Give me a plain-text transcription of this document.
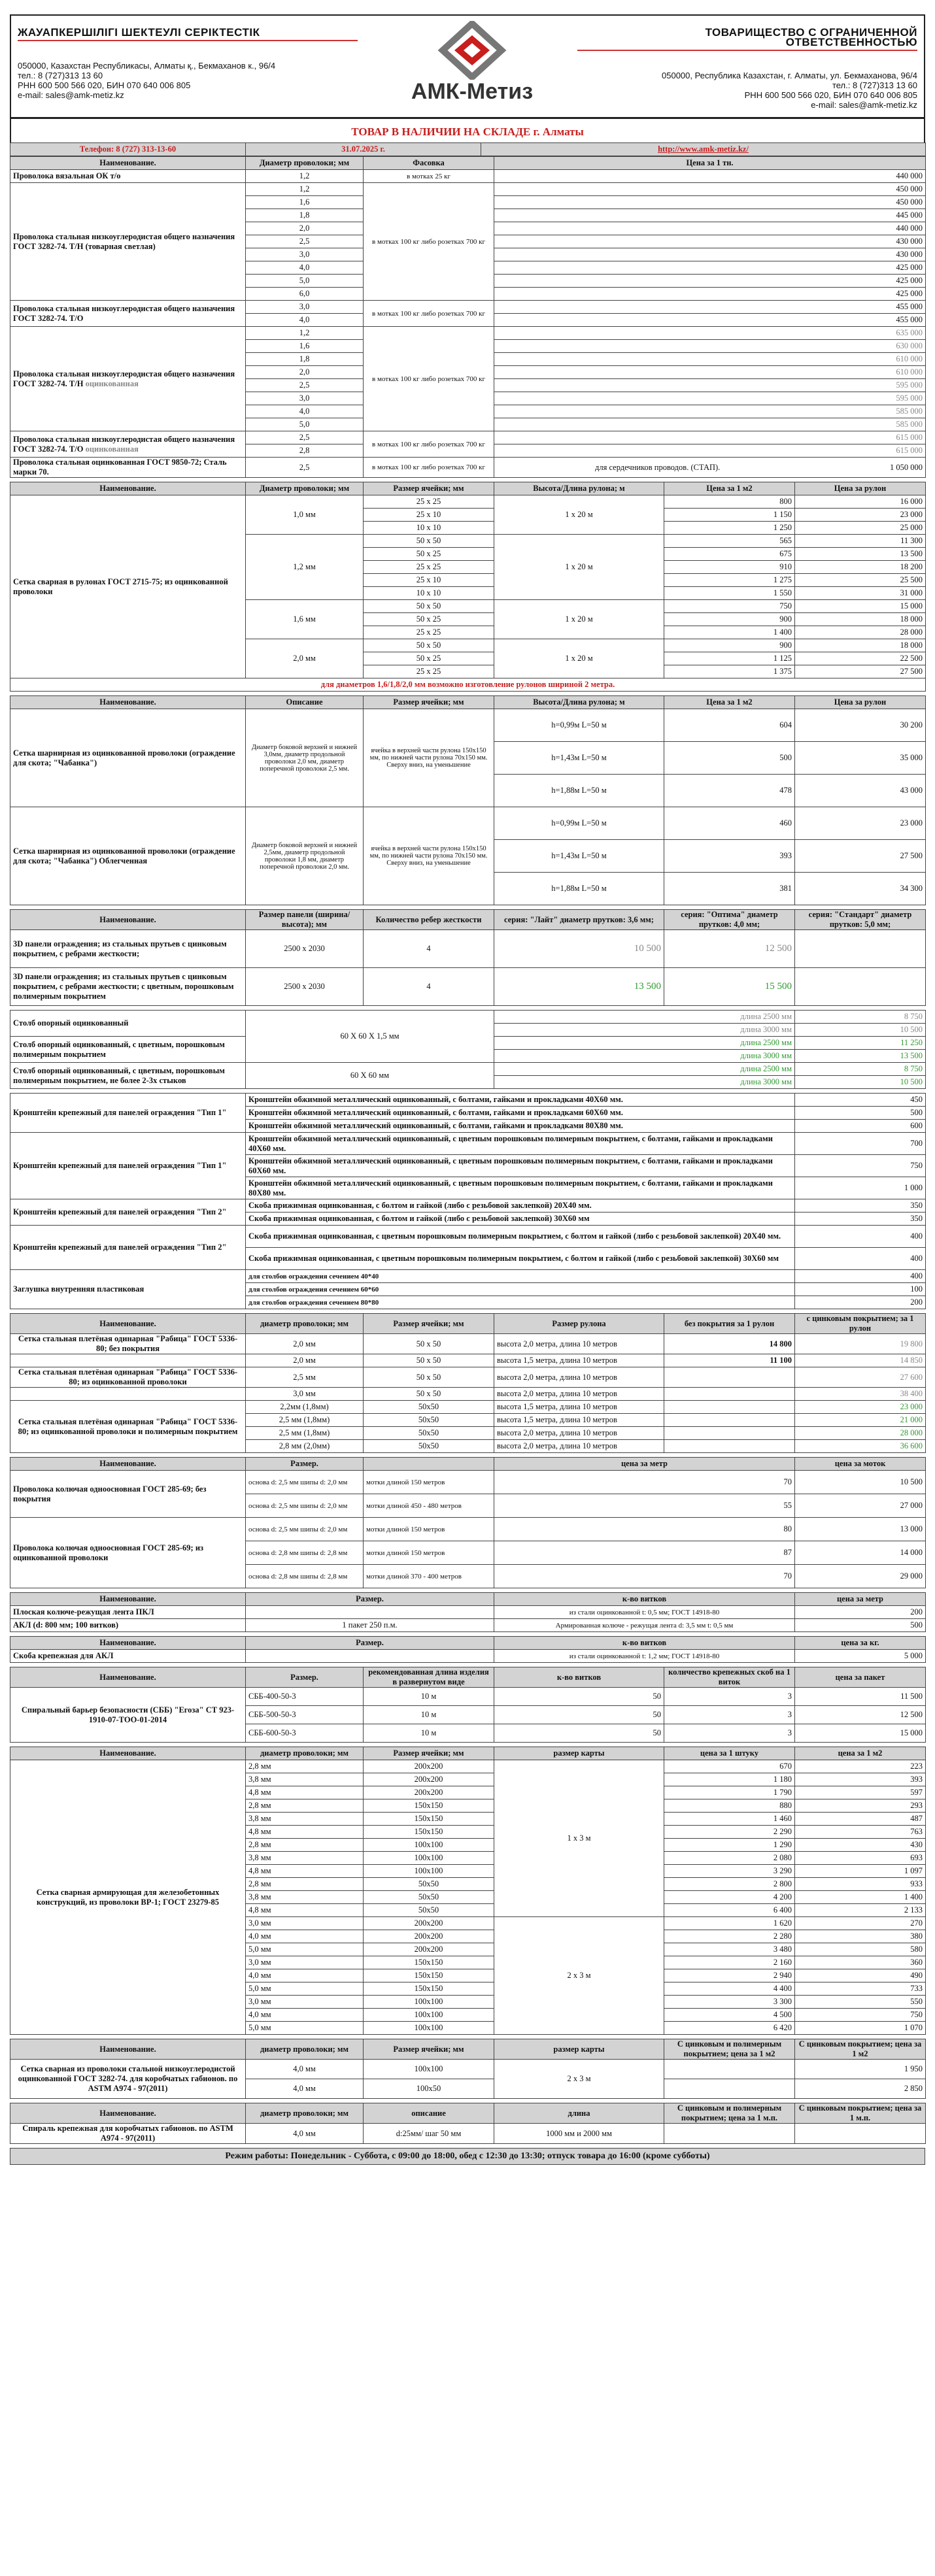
ЖАУАПКЕРШІЛІГІ ШЕКТЕУЛІ СЕРІКТЕСТІК
050000, Казахстан Республикасы, Алматы қ., Бекмаханов к., 96/4
тел.: 8 (727)313 13 60
РНН 600 500 566 020, БИН 070 640 006 805
e-mail: sales@amk-metiz.kz	АМК-Метиз
ТОВАРИЩЕСТВО С ОГРАНИЧЕННОЙ ОТВЕТСТВЕННОСТЬЮ
050000, Республика Казахстан, г. Алматы, ул. Бекмаханова, 96/4
тел.: 8 (727)313 13 60
РНН 600 500 566 020, БИН 070 640 006 805
e-mail: sales@amk-metiz.kz
ТОВАР В НАЛИЧИИ НА СКЛАДЕ г. Алматы
Телефон: 8 (727) 313-13-60	31.07.2025 г.	http://www.amk-metiz.kz/
Наименование.	Диаметр проволоки; мм	Фасовка	Цена за 1 тн.
Проволока вязальная ОК т/о	1,2	в мотках 25 кг	440 000
Проволока стальная низкоуглеродистая общего назначения ГОСТ 3282-74. Т/Н (товарная светлая)	1,2	в мотках 100 кг либо розетках 700 кг	450 000
	1,6		450 000
	1,8		445 000
	2,0		440 000
	2,5		430 000
	3,0		430 000
	4,0		425 000
	5,0		425 000
	6,0		425 000
Проволока стальная низкоуглеродистая общего назначения ГОСТ 3282-74. Т/О	3,0	в мотках 100 кг либо розетках 700 кг	455 000
	4,0		455 000
Проволока стальная низкоуглеродистая общего назначения ГОСТ 3282-74. Т/Н оцинкованная	1,2	в мотках 100 кг либо розетках 700 кг	635 000
	1,6		630 000
	1,8		610 000
	2,0		610 000
	2,5		595 000
	3,0		595 000
	4,0		585 000
	5,0		585 000
Проволока стальная низкоуглеродистая общего назначения ГОСТ 3282-74. Т/О оцинкованная	2,5	в мотках 100 кг либо розетках 700 кг	615 000
	2,8		615 000
Проволока стальная оцинкованная ГОСТ 9850-72; Сталь марки 70.	2,5	в мотках 100 кг либо розетках 700 кг	для сердечников проводов. (СТАП). 1 050 000
Наименование.	Диаметр проволоки; мм	Размер ячейки; мм	Высота/Длина рулона; м	Цена за 1 м2	Цена за рулон
Сетка сварная в рулонах ГОСТ 2715-75; из оцинкованной проволоки	1,0 мм	25 х 25	1 х 20 м	800	16 000
		25 х 10		1 150	23 000
		10 х 10		1 250	25 000
	1,2 мм	50 х 50	1 х 20 м	565	11 300
		50 х 25		675	13 500
		25 х 25		910	18 200
		25 х 10		1 275	25 500
		10 х 10		1 550	31 000
	1,6 мм	50 х 50	1 х 20 м	750	15 000
		50 х 25		900	18 000
		25 х 25		1 400	28 000
	2,0 мм	50 х 50	1 х 20 м	900	18 000
		50 х 25		1 125	22 500
		25 х 25		1 375	27 500
для диаметров 1,6/1,8/2,0 мм возможно изготовление рулонов шириной 2 метра.					
Наименование.	Описание	Размер ячейки; мм	Высота/Длина рулона; м	Цена за 1 м2	Цена за рулон
Сетка шарнирная из оцинкованной проволоки (ограждение для скота; "Чабанка")	Диаметр боковой верхней и нижней 3,0мм, диаметр продольной проволоки 2,0 мм, диаметр поперечной проволоки 2,5 мм.	ячейка в верхней части рулона 150х150 мм, по нижней части рулона 70х150 мм. Сверху вниз, на уменьшение	h=0,99м L=50 м	604	30 200
			h=1,43м L=50 м	500	35 000
			h=1,88м L=50 м	478	43 000
Сетка шарнирная из оцинкованной проволоки (ограждение для скота; "Чабанка") Облегченная	Диаметр боковой верхней и нижней 2,5мм, диаметр продольной проволоки 1,8 мм, диаметр поперечной проволоки 2,0 мм.	ячейка в верхней части рулона 150х150 мм, по нижней части рулона 70х150 мм. Сверху вниз, на уменьшение	h=0,99м L=50 м	460	23 000
			h=1,43м L=50 м	393	27 500
			h=1,88м L=50 м	381	34 300
Наименование.	Размер панели (ширина/высота); мм	Количество ребер жесткости	серия: "Лайт" диаметр прутков: 3,6 мм;	серия: "Оптима" диаметр прутков: 4,0 мм;	серия: "Стандарт" диаметр прутков: 5,0 мм;
3D панели ограждения; из стальных прутьев с цинковым покрытием, с ребрами жесткости;	2500 х 2030	4	10 500	12 500	
3D панели ограждения; из стальных прутьев с цинковым покрытием, с ребрами жесткости; с цветным, порошковым полимерным покрытием	2500 х 2030	4	13 500	15 500	
Столб опорный оцинкованный	60 Х 60 Х 1,5 мм	длина 2500 мм	8 750
		длина 3000 мм	10 500
Столб опорный оцинкованный, с цветным, порошковым полимерным покрытием		длина 2500 мм	11 250
		длина 3000 мм	13 500
Столб опорный оцинкованный, с цветным, порошковым полимерным покрытием, не более 2-3х стыков	60 Х 60 мм	длина 2500 мм	8 750
		длина 3000 мм	10 500
Кронштейн крепежный для панелей ограждения "Тип 1"	Кронштейн обжимной металлический оцинкованный, с болтами, гайками и прокладками 40Х60 мм.	450
	Кронштейн обжимной металлический оцинкованный, с болтами, гайками и прокладками 60Х60 мм.	500
	Кронштейн обжимной металлический оцинкованный, с болтами, гайками и прокладками 80Х80 мм.	600
Кронштейн крепежный для панелей ограждения "Тип 1"	Кронштейн обжимной металлический оцинкованный, с цветным порошковым полимерным покрытием, с болтами, гайками и прокладками 40Х60 мм.	700
	Кронштейн обжимной металлический оцинкованный, с цветным порошковым полимерным покрытием, с болтами, гайками и прокладками 60Х60 мм.	750
	Кронштейн обжимной металлический оцинкованный, с цветным порошковым полимерным покрытием, с болтами, гайками и прокладками 80Х80 мм.	1 000
Кронштейн крепежный для панелей ограждения "Тип 2"	Скоба прижимная оцинкованная, с болтом и гайкой (либо с резьбовой заклепкой) 20Х40 мм.	350
	Скоба прижимная оцинкованная, с болтом и гайкой (либо с резьбовой заклепкой) 30Х60 мм	350
Кронштейн крепежный для панелей ограждения "Тип 2"	Скоба прижимная оцинкованная, с цветным порошковым полимерным покрытием, с болтом и гайкой (либо с резьбовой заклепкой) 20Х40 мм.	400
	Скоба прижимная оцинкованная, с цветным порошковым полимерным покрытием, с болтом и гайкой (либо с резьбовой заклепкой) 30Х60 мм	400
Заглушка внутренняя пластиковая	для столбов ограждения сечением 40*40	400
	для столбов ограждения сечением 60*60	100
	для столбов ограждения сечением 80*80	200
Наименование.	диаметр проволоки; мм	Размер ячейки; мм	Размер рулона	без покрытия за 1 рулон	с цинковым покрытием; за 1 рулон
Сетка стальная плетёная одинарная "Рабица" ГОСТ 5336-80; без покрытия	2,0 мм	50 х 50	высота 2,0 метра, длина 10 метров	14 800	19 800
	2,0 мм	50 х 50	высота 1,5 метра, длина 10 метров	11 100	14 850
Сетка стальная плетёная одинарная "Рабица" ГОСТ 5336-80; из оцинкованной проволоки	2,5 мм	50 х 50	высота 2,0 метра, длина 10 метров		27 600
	3,0 мм	50 х 50	высота 2,0 метра, длина 10 метров		38 400
Сетка стальная плетёная одинарная "Рабица" ГОСТ 5336-80; из оцинкованной проволоки и полимерным покрытием	2,2мм (1,8мм)	50х50	высота 1,5 метра, длина 10 метров		23 000
	2,5 мм (1,8мм)	50х50	высота 1,5 метра, длина 10 метров		21 000
	2,5 мм (1,8мм)	50х50	высота 2,0 метра, длина 10 метров		28 000
	2,8 мм (2,0мм)	50х50	высота 2,0 метра, длина 10 метров		36 600
Наименование.	Размер.		цена за метр	цена за моток
Проволока колючая одноосновная ГОСТ 285-69; без покрытия	основа d: 2,5 мм шипы d: 2,0 мм	мотки длиной 150 метров	70	10 500
	основа d: 2,5 мм шипы d: 2,0 мм	мотки длиной 450 - 480 метров	55	27 000
Проволока колючая одноосновная ГОСТ 285-69; из оцинкованной проволоки	основа d: 2,5 мм шипы d: 2,0 мм	мотки длиной 150 метров	80	13 000
	основа d: 2,8 мм шипы d: 2,8 мм	мотки длиной 150 метров	87	14 000
	основа d: 2,8 мм шипы d: 2,8 мм	мотки длиной 370 - 400 метров	70	29 000
Наименование.	Размер.	к-во витков	цена за метр
Плоская колюче-режущая лента ПКЛ		из стали оцинкованной t: 0,5 мм; ГОСТ 14918-80	200
АКЛ (d: 800 мм; 100 витков)	1 пакет 250 п.м.	Армированная колюче - режущая лента d: 3,5 мм t: 0,5 мм	500
Наименование.	Размер.	к-во витков	цена за кг.
Скоба крепежная для АКЛ		из стали оцинкованной t: 1,2 мм; ГОСТ 14918-80	5 000
Наименование.	Размер.	рекомендованная длина изделия в развернутом виде	к-во витков	количество крепежных скоб на 1 виток	цена за пакет
Спиральный барьер безопасности (СББ) "Егоза" СТ 923-1910-07-ТОО-01-2014	СББ-400-50-3	10 м	50	3	11 500
	СББ-500-50-3	10 м	50	3	12 500
	СББ-600-50-3	10 м	50	3	15 000
Наименование.	диаметр проволоки; мм	Размер ячейки; мм	размер карты	цена за 1 штуку	цена за 1 м2
Сетка сварная армирующая для железобетонных конструкций, из проволоки ВР-1; ГОСТ 23279-85	2,8 мм	200х200	1 х 3 м	670	223
	3,8 мм	200х200		1 180	393
	4,8 мм	200х200		1 790	597
	2,8 мм	150х150		880	293
	3,8 мм	150х150		1 460	487
	4,8 мм	150х150		2 290	763
	2,8 мм	100х100		1 290	430
	3,8 мм	100х100		2 080	693
	4,8 мм	100х100		3 290	1 097
	2,8 мм	50х50		2 800	933
	3,8 мм	50х50		4 200	1 400
	4,8 мм	50х50		6 400	2 133
	3,0 мм	200х200	2 х 3 м	1 620	270
	4,0 мм	200х200		2 280	380
	5,0 мм	200х200		3 480	580
	3,0 мм	150х150		2 160	360
	4,0 мм	150х150		2 940	490
	5,0 мм	150х150		4 400	733
	3,0 мм	100х100		3 300	550
	4,0 мм	100х100		4 500	750
	5,0 мм	100х100		6 420	1 070
Наименование.	диаметр проволоки; мм	Размер ячейки; мм	размер карты	С цинковым и полимерным покрытием; цена за 1 м2	С цинковым покрытием; цена за 1 м2
Сетка сварная из проволоки стальной низкоуглеродистой оцинкованной ГОСТ 3282-74. для коробчатых габионов. по ASTM A974 - 97(2011)	4,0 мм	100х100	2 х 3 м		1 950
	4,0 мм	100х50			2 850
Наименование.	диаметр проволоки; мм	описание	длина	С цинковым и полимерным покрытием; цена за 1 м.п.	С цинковым покрытием; цена за 1 м.п.
Спираль крепежная для коробчатых габионов. по ASTM A974 - 97(2011)	4,0 мм	d:25мм/ шаг 50 мм	1000 мм и 2000 мм		
Режим работы: Понедельник - Суббота, с 09:00 до 18:00, обед с 12:30 до 13:30; отпуск товара до 16:00 (кроме субботы)
